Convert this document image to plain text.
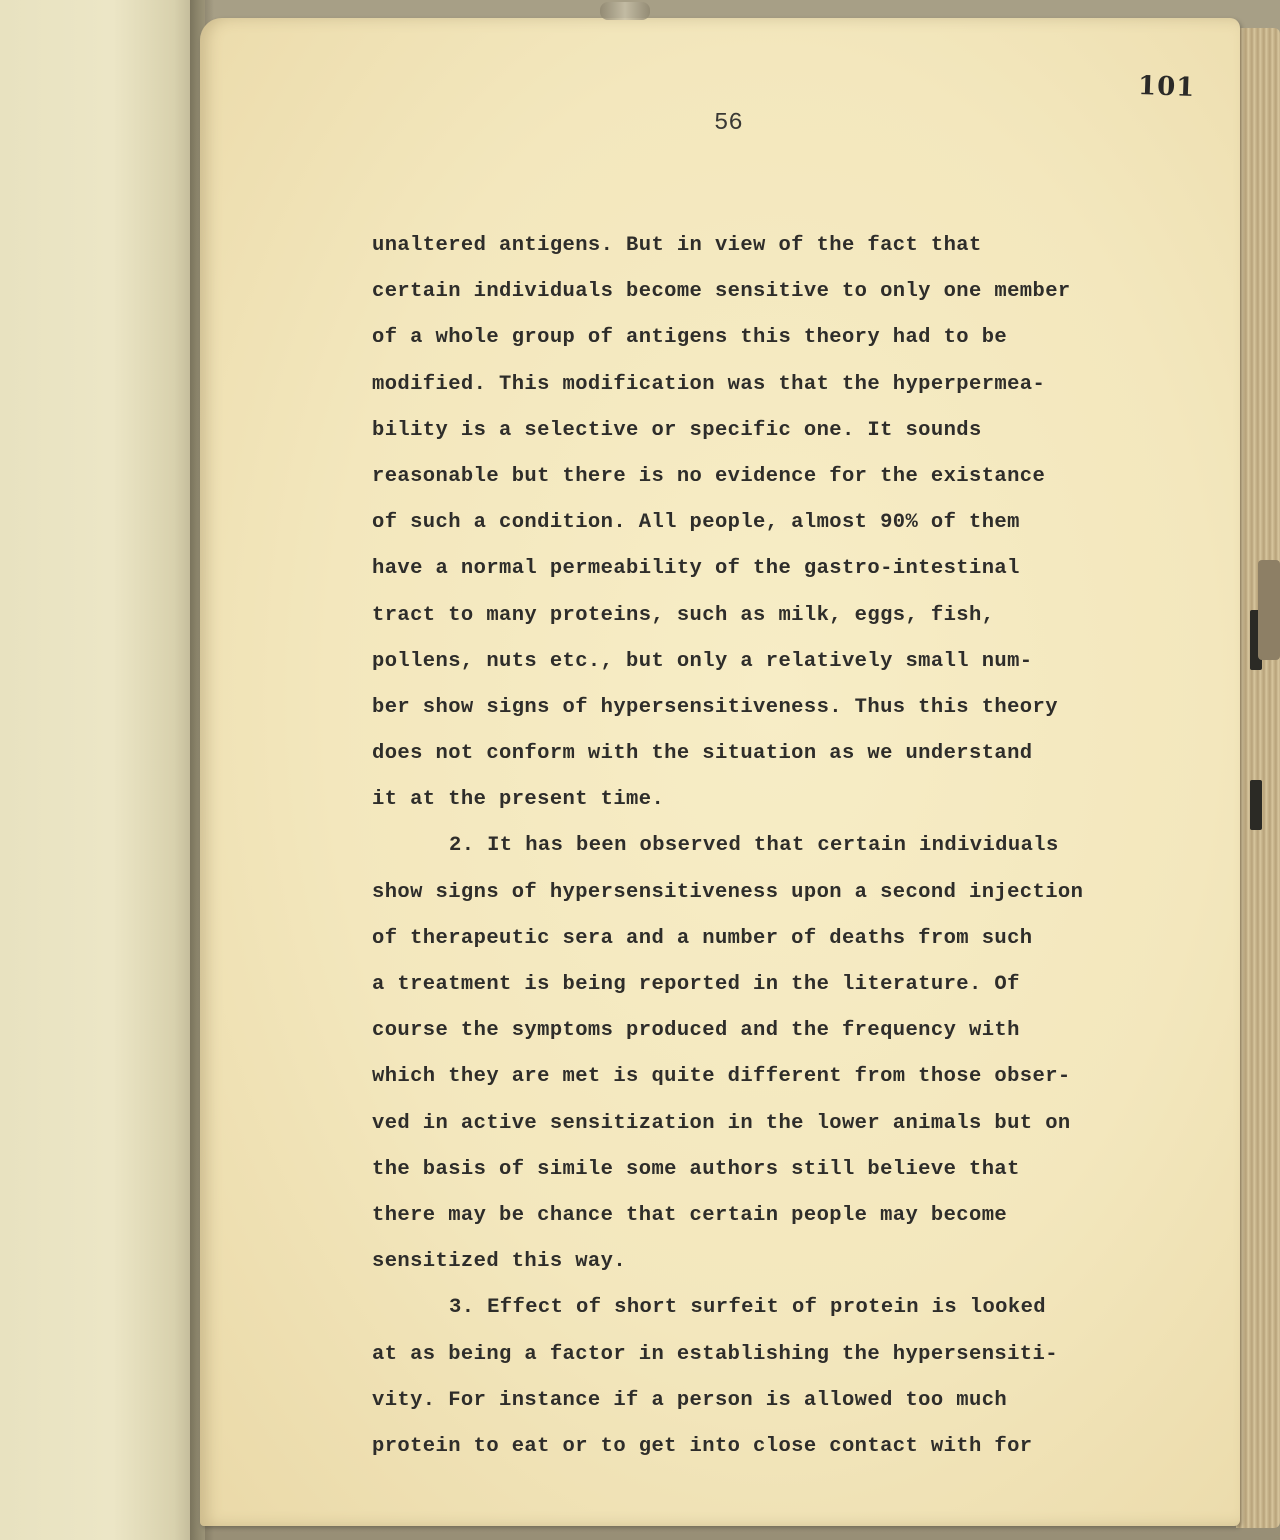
56
unaltered antigens. But in view of the fact that
certain individuals become sensitive to only one member
of a whole group of antigens this theory had to be
modified. This modification was that the hyperpermea-
bility is a selective or specific one. It sounds
reasonable but there is no evidence for the existance
of such a condition. All people, almost 90% of them
have a normal permeability of the gastro-intestinal
tract to many proteins, such as milk, eggs, fish,
pollens, nuts etc., but only a relatively small num-
ber show signs of hypersensitiveness. Thus this theory
does not conform with the situation as we understand
it at the present time.
2. It has been observed that certain individuals
show signs of hypersensitiveness upon a second injection
of therapeutic sera and a number of deaths from such
a treatment is being reported in the literature. Of
course the symptoms produced and the frequency with
which they are met is quite different from those obser-
ved in active sensitization in the lower animals but on
the basis of simile some authors still believe that
there may be chance that certain people may become
sensitized this way.
3. Effect of short surfeit of protein is looked
at as being a factor in establishing the hypersensiti-
vity. For instance if a person is allowed too much
protein to eat or to get into close contact with for
101
